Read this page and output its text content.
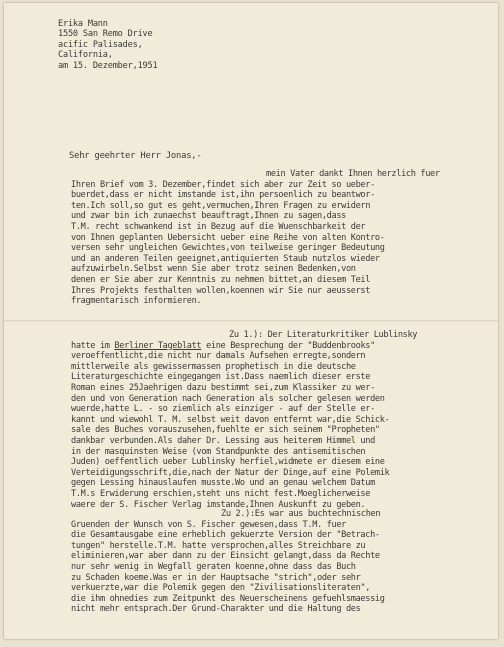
Erika Mann
1550 San Remo Drive
acific Palisades,
California,
am 15. Dezember,1951
Sehr geehrter Herr Jonas,-
mein Vater dankt Ihnen herzlich fuer
Ihren Brief vom 3. Dezember,findet sich aber zur Zeit so ueber-
buerdet,dass er nicht imstande ist,ihn persoenlich zu beantwor-
ten.Ich soll,so gut es geht,vermuchen,Ihren Fragen zu erwidern
und zwar bin ich zunaechst beauftragt,Ihnen zu sagen,dass
T.M. recht schwankend ist in Bezug auf die Wuenschbarkeit der
von Ihnen geplanten Uebersicht ueber eine Reihe von alten Kontro-
versen sehr ungleichen Gewichtes,von teilweise geringer Bedeutung
und an anderen Teilen geeignet,antiquierten Staub nutzlos wieder
aufzuwirbeln.Selbst wenn Sie aber trotz seinen Bedenken,von
denen er Sie aber zur Kenntnis zu nehmen bittet,an diesem Teil
Ihres Projekts festhalten wollen,koennen wir Sie nur aeusserst
fragmentarisch informieren.
Zu 1.): Der Literaturkritiker Lublinsky
hatte im Berliner Tageblatt eine Besprechung der "Buddenbrooks"
veroeffentlicht,die nicht nur damals Aufsehen erregte,sondern
mittlerweile als gewissermassen prophetisch in die deutsche
Literaturgeschichte eingegangen ist.Dass naemlich dieser erste
Roman eines 25Jaehrigen dazu bestimmt sei,zum Klassiker zu wer-
den und von Generation nach Generation als solcher gelesen werden
wuerde,hatte L. - so ziemlich als einziger - auf der Stelle er-
kannt und wiewohl T. M. selbst weit davon entfernt war,die Schick-
sale des Buches vorauszusehen,fuehlte er sich seinem "Propheten"
dankbar verbunden.Als daher Dr. Lessing aus heiterem Himmel und
in der masquinsten Weise (vom Standpunkte des antisemitischen
Juden) oeffentlich ueber Lublinsky herfiel,widmete er diesem eine
Verteidigungsschrift,die,nach der Natur der Dinge,auf eine Polemik
gegen Lessing hinauslaufen musste.Wo und an genau welchem Datum
T.M.s Erwiderung erschien,steht uns nicht fest.Moeglicherweise
waere der S. Fischer Verlag imstande,Ihnen Auskunft zu geben.
Zu 2.):Es war aus buchtechnischen
Gruenden der Wunsch von S. Fischer gewesen,dass T.M. fuer
die Gesamtausgabe eine erheblich gekuerzte Version der "Betrach-
tungen" herstelle.T.M. hatte versprochen,alles Streichbare zu
eliminieren,war aber dann zu der Einsicht gelangt,dass da Rechte
nur sehr wenig in Wegfall geraten koenne,ohne dass das Buch
zu Schaden koeme.Was er in der Hauptsache "strich",oder sehr
verkuerzte,war die Polemik gegen den "Zivilisationsliteraten",
die ihm ohnedies zum Zeitpunkt des Neuerscheinens gefuehlsmaessig
nicht mehr entsprach.Der Grund-Charakter und die Haltung des
